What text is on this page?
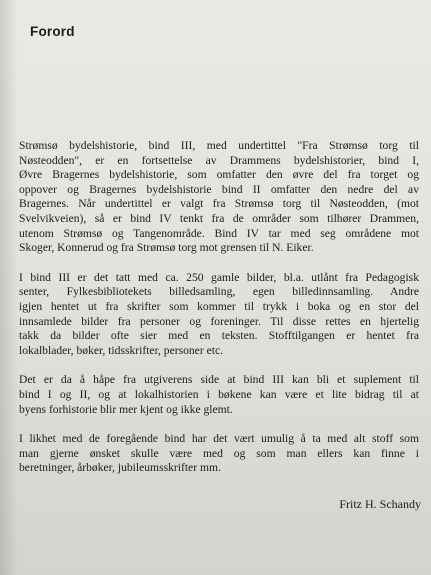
Forord

Strømsø bydelshistorie, bind III, med undertittel "Fra Strømsø torg til
Nøsteodden", er en fortsettelse av Drammens bydelshistorier, bind I,
Øvre Bragernes bydelshistorie, som omfatter den øvre del fra torget og
oppover og Bragernes bydelshistorie bind II omfatter den nedre del av
Bragernes. Når undertittel er valgt fra Strømsø torg til Nøsteodden, (mot
Svelvikveien), så er bind IV tenkt fra de områder som tilhører Drammen,
utenom Strømsø og Tangenområde. Bind IV tar med seg områdene mot
Skoger, Konnerud og fra Strømsø torg mot grensen til N. Eiker.

I bind III er det tatt med ca. 250 gamle bilder, bl.a. utlånt fra Pedagogisk
senter, Fylkesbibliotekets billedsamling, egen billedinnsamling. Andre
igjen hentet ut fra skrifter som kommer til trykk i boka og en stor del
innsamlede bilder fra personer og foreninger. Til disse rettes en hjertelig
takk da bilder ofte sier med en teksten. Stofftilgangen er hentet fra
lokalblader, bøker, tidsskrifter, personer etc.

Det er da å håpe fra utgiverens side at bind III kan bli et suplement til
bind I og II, og at lokalhistorien i bøkene kan være et lite bidrag til at
byens forhistorie blir mer kjent og ikke glemt.

I likhet med de foregående bind har det vært umulig å ta med alt stoff som
man gjerne ønsket skulle være med og som man ellers kan finne i
beretninger, årbøker, jubileumsskrifter mm.

Fritz H. Schandy
